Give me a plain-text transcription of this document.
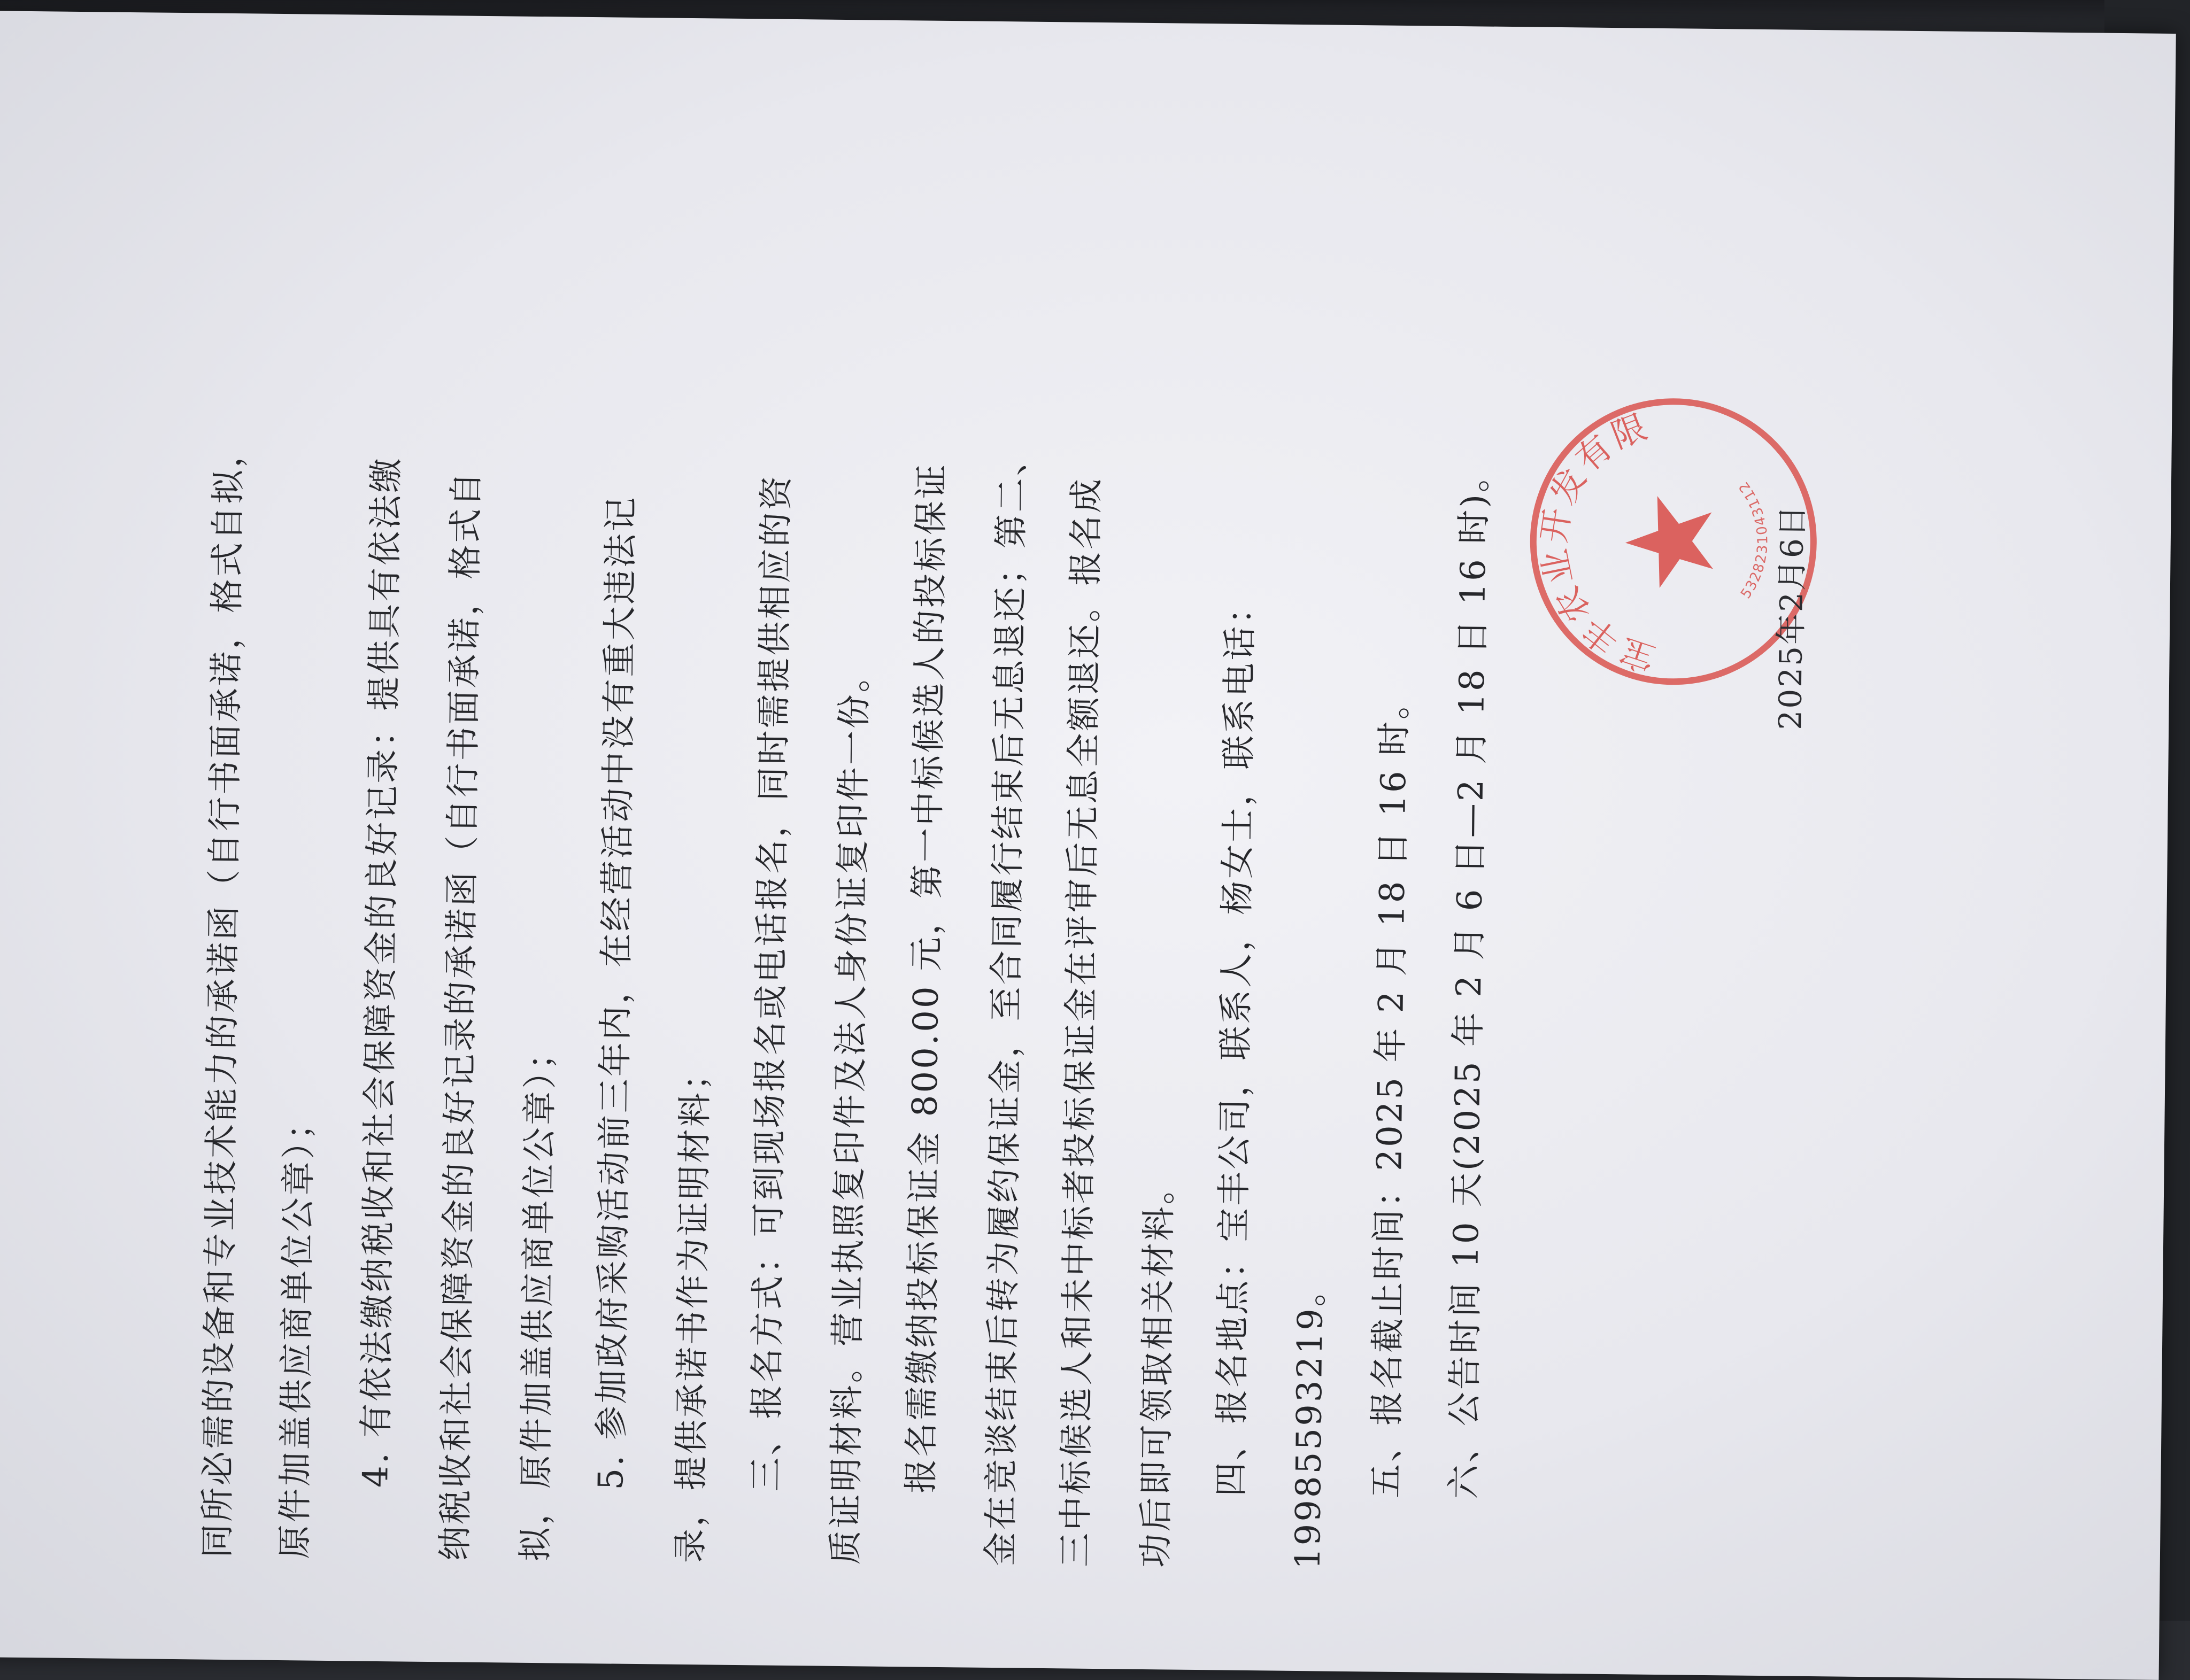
同所必需的设备和专业技术能力的承诺函（自行书面承诺，格式自拟， 原件加盖供应商单位公章）； 4. 有依法缴纳税收和社会保障资金的良好记录：提供具有依法缴 纳税收和社会保障资金的良好记录的承诺函（自行书面承诺，格式自 拟，原件加盖供应商单位公章）； 5. 参加政府采购活动前三年内，在经营活动中没有重大违法记 录，提供承诺书作为证明材料； 三、报名方式：可到现场报名或电话报名，同时需提供相应的资 质证明材料。营业执照复印件及法人身份证复印件一份。 报名需缴纳投标保证金 800.00 元，第一中标候选人的投标保证 金在竞谈结束后转为履约保证金，至合同履行结束后无息退还；第二、 三中标候选人和未中标者投标保证金在评审后无息全额退还。报名成 功后即可领取相关材料。 四、报名地点：宝丰公司，联系人，杨女士，联系电话： 19985593219。 五、报名截止时间：2025 年 2 月 18 日 16 时。 六、公告时间 10 天(2025 年 2 月 6 日—2 月 18 日 16 时)。 元谋宝丰农业开发有限公司
5328231043112
2025年2月6日
